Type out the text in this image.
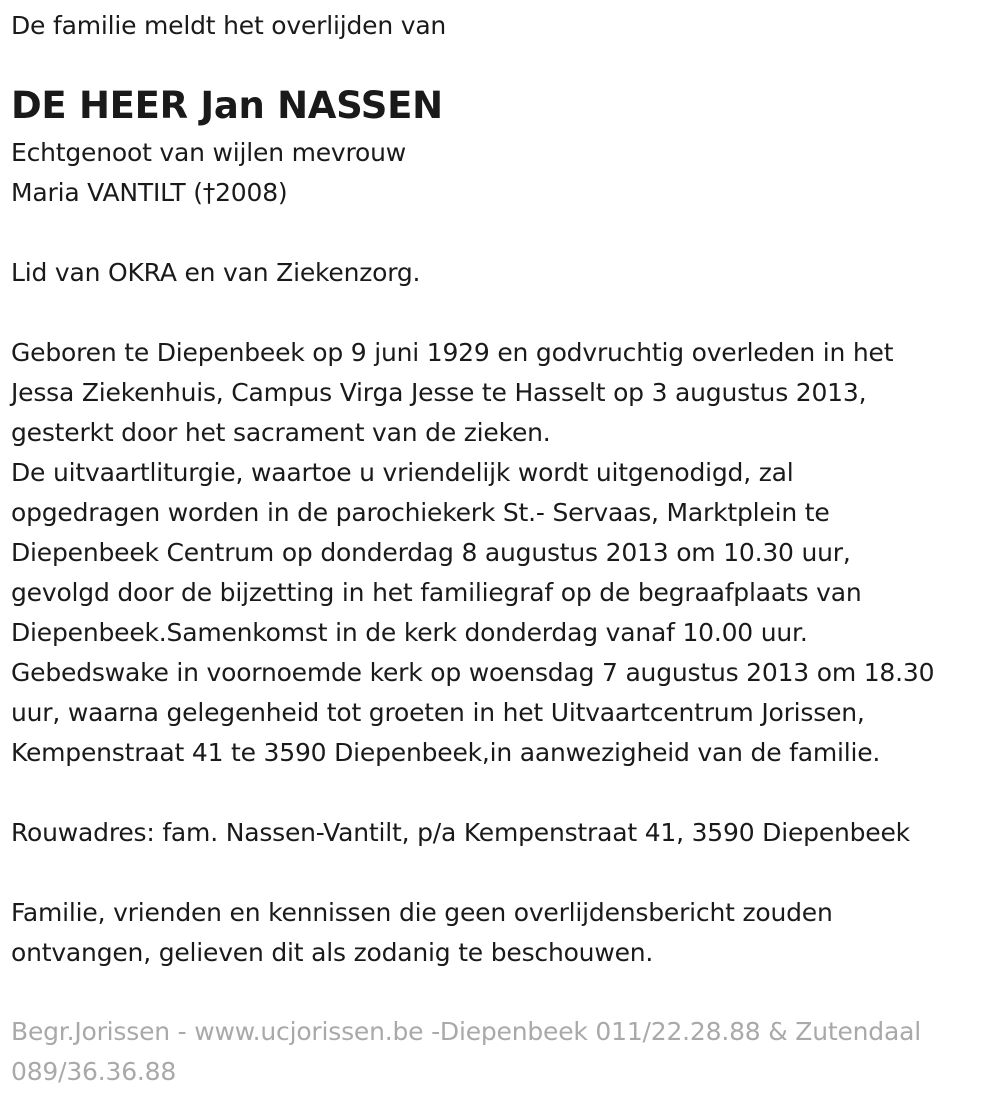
De familie meldt het overlijden van
DE HEER Jan NASSEN
Echtgenoot van wijlen mevrouw
Maria VANTILT (†2008)
Lid van OKRA en van Ziekenzorg.
Geboren te Diepenbeek op 9 juni 1929 en godvruchtig overleden in het
Jessa Ziekenhuis, Campus Virga Jesse te Hasselt op 3 augustus 2013,
gesterkt door het sacrament van de zieken.
De uitvaartliturgie, waartoe u vriendelijk wordt uitgenodigd, zal
opgedragen worden in de parochiekerk St.- Servaas, Marktplein te
Diepenbeek Centrum op donderdag 8 augustus 2013 om 10.30 uur,
gevolgd door de bijzetting in het familiegraf op de begraafplaats van
Diepenbeek.Samenkomst in de kerk donderdag vanaf 10.00 uur.
Gebedswake in voornoemde kerk op woensdag 7 augustus 2013 om 18.30
uur, waarna gelegenheid tot groeten in het Uitvaartcentrum Jorissen,
Kempenstraat 41 te 3590 Diepenbeek,in aanwezigheid van de familie.
Rouwadres: fam. Nassen-Vantilt, p/a Kempenstraat 41, 3590 Diepenbeek
Familie, vrienden en kennissen die geen overlijdensbericht zouden
ontvangen, gelieven dit als zodanig te beschouwen.
Begr.Jorissen - www.ucjorissen.be -Diepenbeek 011/22.28.88 & Zutendaal
089/36.36.88
